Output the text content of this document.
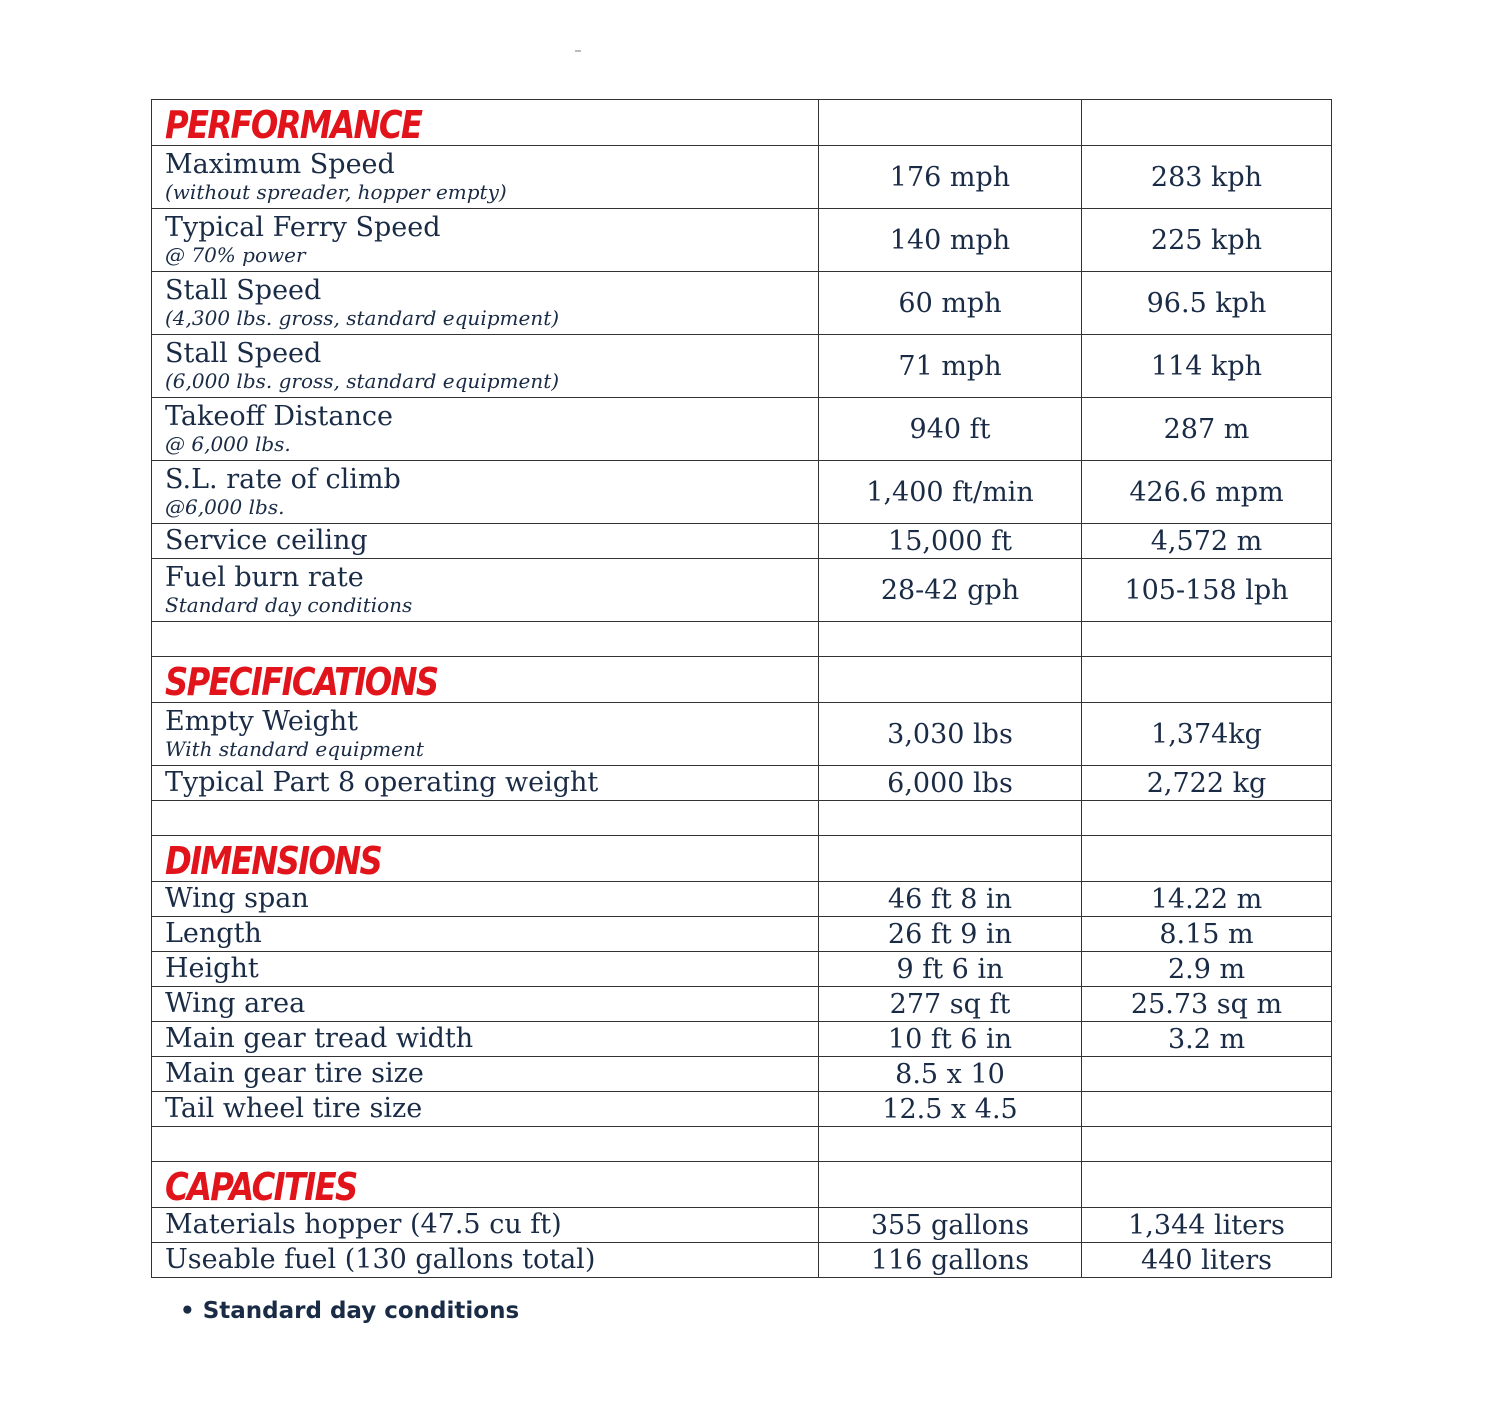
PERFORMANCE		

Maximum Speed
(without spreader, hopper empty)	176 mph	283 kph

Typical Ferry Speed
@ 70% power	140 mph	225 kph

Stall Speed
(4,300 lbs. gross, standard equipment)	60 mph	96.5 kph

Stall Speed
(6,000 lbs. gross, standard equipment)	71 mph	114 kph

Takeoff Distance
@ 6,000 lbs.	940 ft	287 m

S.L. rate of climb
@6,000 lbs.	1,400 ft/min	426.6 mpm

Service ceiling	15,000 ft	4,572 m

Fuel burn rate
Standard day conditions	28-42 gph	105-158 lph

SPECIFICATIONS		

Empty Weight
With standard equipment	3,030 lbs	1,374kg

Typical Part 8 operating weight	6,000 lbs	2,722 kg

DIMENSIONS		

Wing span	46 ft 8 in	14.22 m

Length	26 ft 9 in	8.15 m

Height	9 ft 6 in	2.9 m

Wing area	277 sq ft	25.73 sq m

Main gear tread width	10 ft 6 in	3.2 m

Main gear tire size	8.5 x 10	

Tail wheel tire size	12.5 x 4.5	

CAPACITIES		

Materials hopper (47.5 cu ft)	355 gallons	1,344 liters

Useable fuel (130 gallons total)	116 gallons	440 liters
• Standard day conditions
